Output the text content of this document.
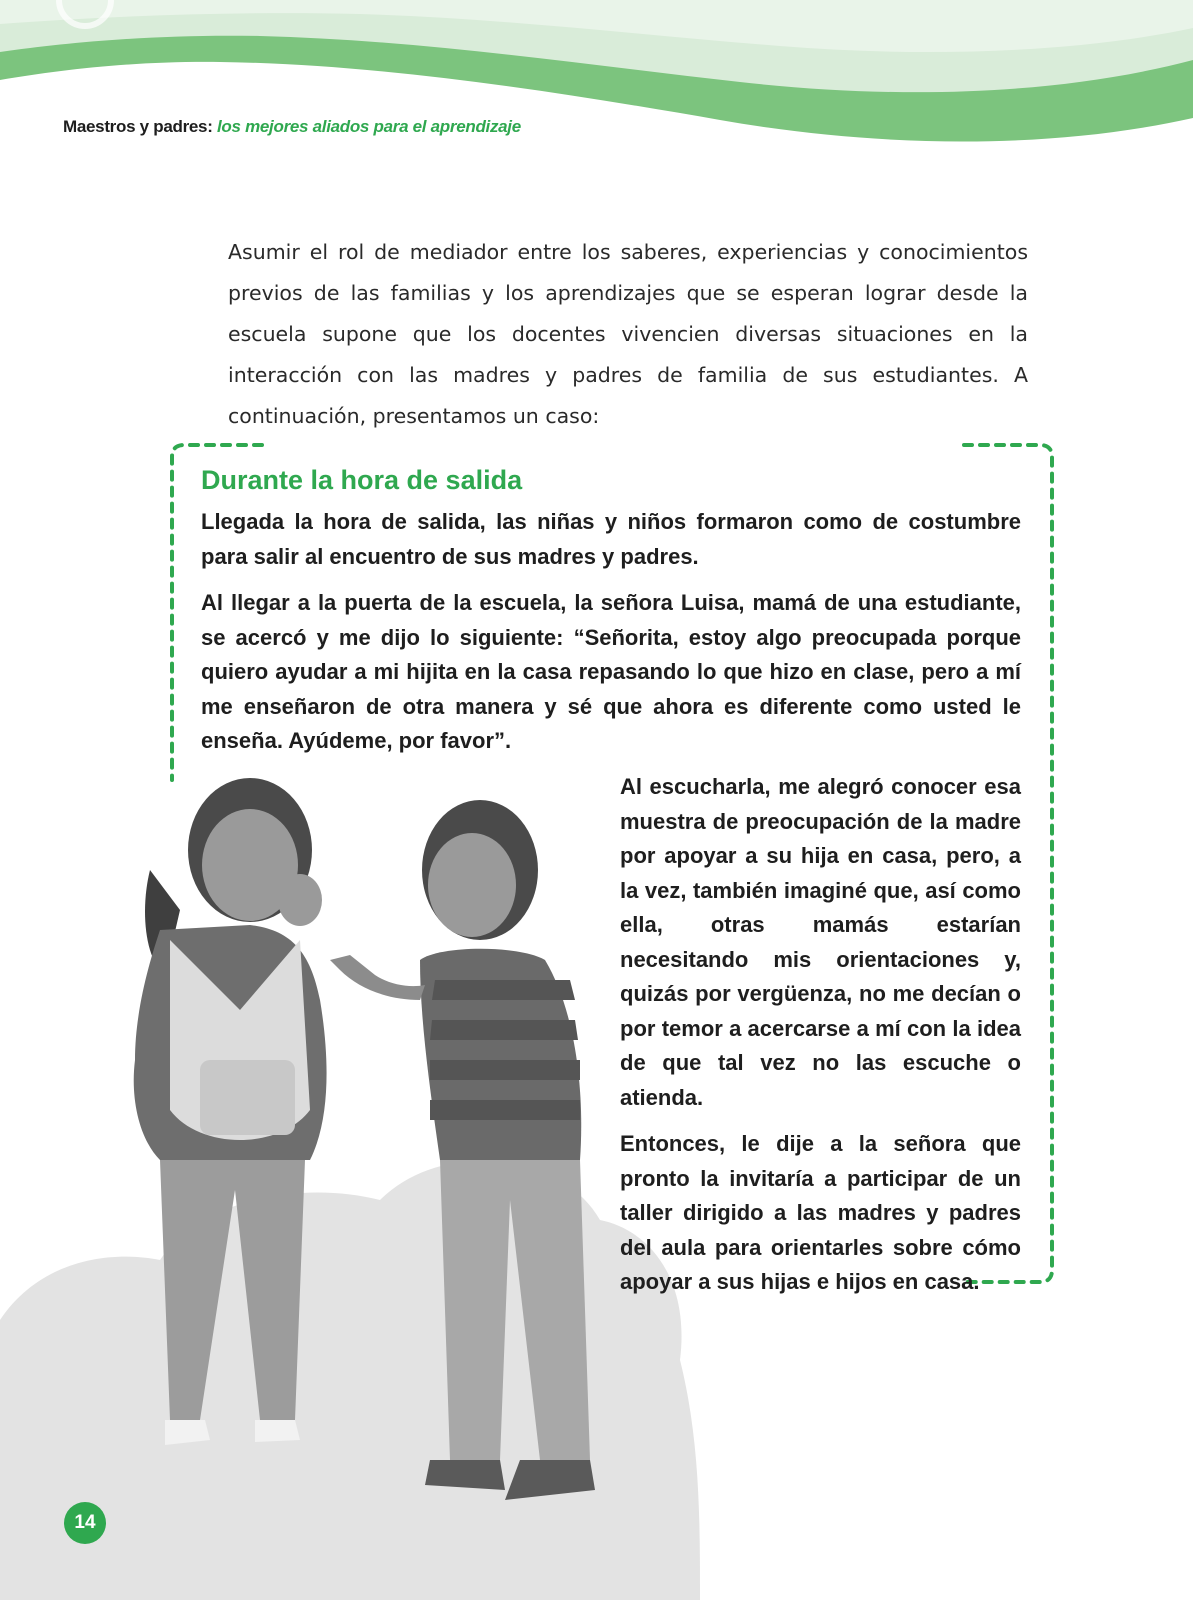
Maestros y padres: los mejores aliados para el aprendizaje

Asumir el rol de mediador entre los saberes, experiencias y conocimientos previos de las familias y los aprendizajes que se esperan lograr desde la escuela supone que los docentes vivencien diversas situaciones en la interacción con las madres y padres de familia de sus estudiantes. A continuación, presentamos un caso:

Durante la hora de salida

Llegada la hora de salida, las niñas y niños formaron como de costumbre para salir al encuentro de sus madres y padres.

Al llegar a la puerta de la escuela, la señora Luisa, mamá de una estudiante, se acercó y me dijo lo siguiente: “Señorita, estoy algo preocupada porque quiero ayudar a mi hijita en la casa repasando lo que hizo en clase, pero a mí me enseñaron de otra manera y sé que ahora es diferente como usted le enseña. Ayúdeme, por favor”.

Al escucharla, me alegró conocer esa muestra de preocupación de la madre por apoyar a su hija en casa, pero, a la vez, también imaginé que, así como ella, otras mamás estarían necesitando mis orientaciones y, quizás por vergüenza, no me decían o por temor a acercarse a mí con la idea de que tal vez no las escuche o atienda.

Entonces, le dije a la señora que pronto la invitaría a participar de un taller dirigido a las madres y padres del aula para orientarles sobre cómo apoyar a sus hijas e hijos en casa.

14
